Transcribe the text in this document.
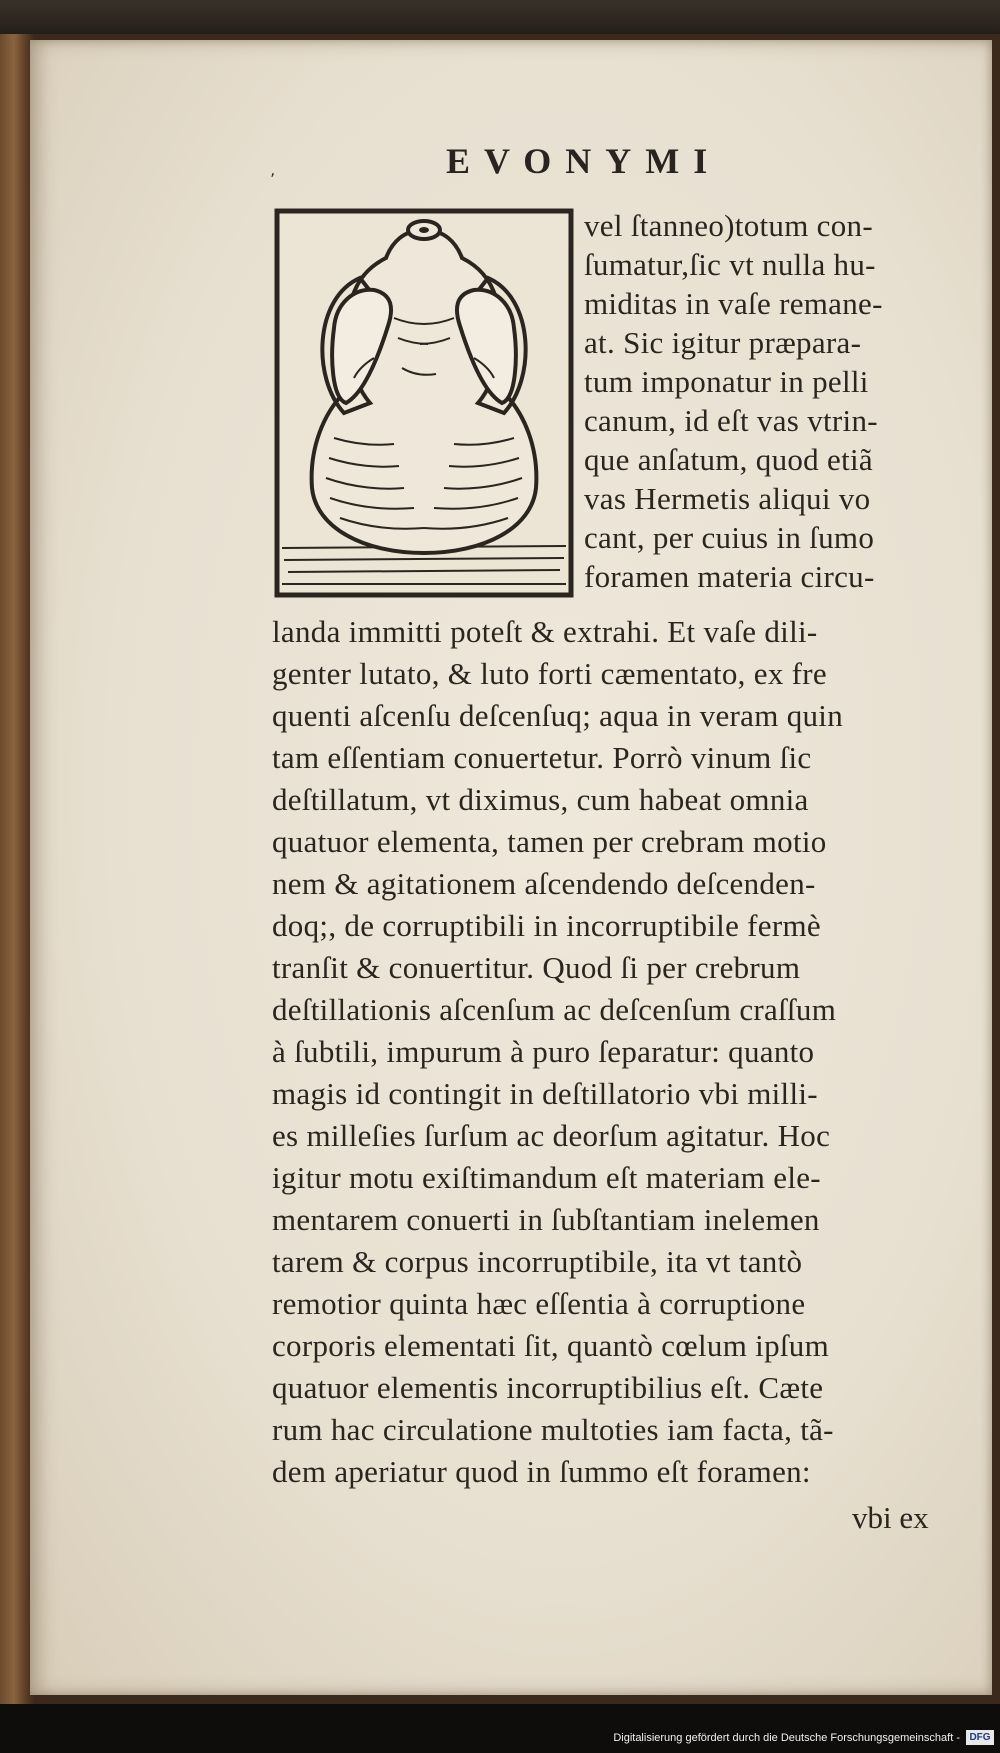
ʼ	EVONYMI
vel ſtanneo)totum con-
ſumatur,ſic vt nulla hu-
miditas in vaſe remane-
at. Sic igitur præpara-
tum imponatur in pelli
canum, id eſt vas vtrin-
que anſatum, quod etiã
vas Hermetis aliqui vo
cant, per cuius in ſumo
foramen materia circu-
landa immitti poteſt & extrahi. Et vaſe dili-
genter lutato, & luto forti cæmentato, ex fre
quenti aſcenſu deſcenſuq; aqua in veram quin
tam eſſentiam conuertetur. Porrò vinum ſic
deſtillatum, vt diximus, cum habeat omnia
quatuor elementa, tamen per crebram motio
nem & agitationem aſcendendo deſcenden-
doq;, de corruptibili in incorruptibile fermè
tranſit & conuertitur. Quod ſi per crebrum
deſtillationis aſcenſum ac deſcenſum craſſum
à ſubtili, impurum à puro ſeparatur: quanto
magis id contingit in deſtillatorio vbi milli-
es milleſies ſurſum ac deorſum agitatur. Hoc
igitur motu exiſtimandum eſt materiam ele-
mentarem conuerti in ſubſtantiam inelemen
tarem & corpus incorruptibile, ita vt tantò
remotior quinta hæc eſſentia à corruptione
corporis elementati ſit, quantò cœlum ipſum
quatuor elementis incorruptibilius eſt. Cæte
rum hac circulatione multoties iam facta, tã-
dem aperiatur quod in ſummo eſt foramen:
vbi ex
Digitalisierung gefördert durch die Deutsche Forschungsgemeinschaft - DFG
